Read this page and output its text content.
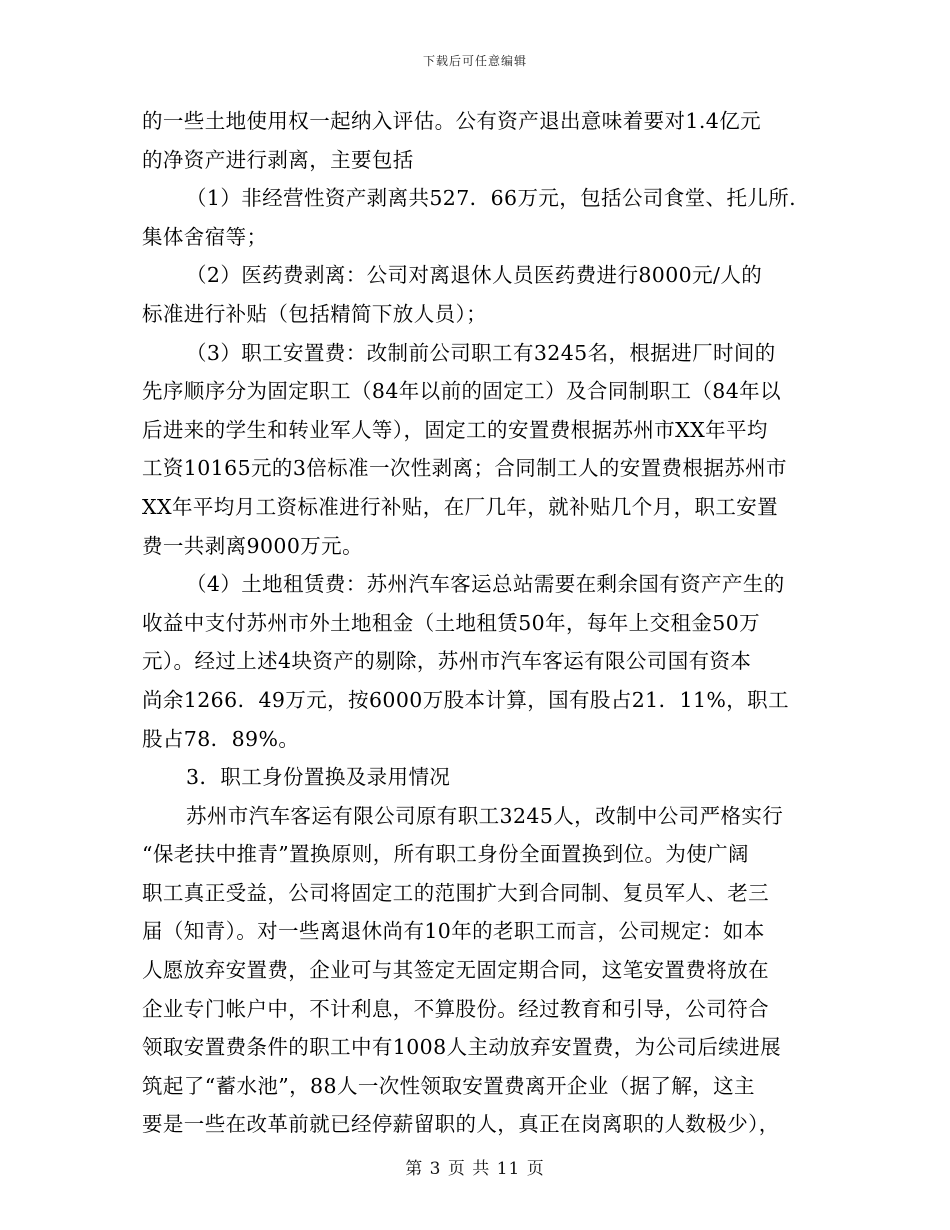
下载后可任意编辑

的一些土地使用权一起纳入评估。公有资产退出意味着要对1.4亿元

的净资产进行剥离，主要包括

（1）非经营性资产剥离共527．66万元，包括公司食堂、托儿所.

集体舍宿等；

（2）医药费剥离：公司对离退休人员医药费进行8000元/人的

标准进行补贴（包括精简下放人员）；

（3）职工安置费：改制前公司职工有3245名，根据进厂时间的

先序顺序分为固定职工（84年以前的固定工）及合同制职工（84年以

后进来的学生和转业军人等），固定工的安置费根据苏州市XX年平均

工资10165元的3倍标准一次性剥离；合同制工人的安置费根据苏州市

XX年平均月工资标准进行补贴，在厂几年，就补贴几个月，职工安置

费一共剥离9000万元。

（4）土地租赁费：苏州汽车客运总站需要在剩余国有资产产生的

收益中支付苏州市外土地租金（土地租赁50年，每年上交租金50万

元）。经过上述4块资产的剔除，苏州市汽车客运有限公司国有资本

尚余1266．49万元，按6000万股本计算，国有股占21．11%，职工

股占78．89%。

3．职工身份置换及录用情况

苏州市汽车客运有限公司原有职工3245人，改制中公司严格实行

“保老扶中推青”置换原则，所有职工身份全面置换到位。为使广阔

职工真正受益，公司将固定工的范围扩大到合同制、复员军人、老三

届（知青）。对一些离退休尚有10年的老职工而言，公司规定：如本

人愿放弃安置费，企业可与其签定无固定期合同，这笔安置费将放在

企业专门帐户中，不计利息，不算股份。经过教育和引导，公司符合

领取安置费条件的职工中有1008人主动放弃安置费，为公司后续进展

筑起了“蓄水池”，88人一次性领取安置费离开企业（据了解，这主

要是一些在改革前就已经停薪留职的人，真正在岗离职的人数极少），

第 3 页 共 11 页
